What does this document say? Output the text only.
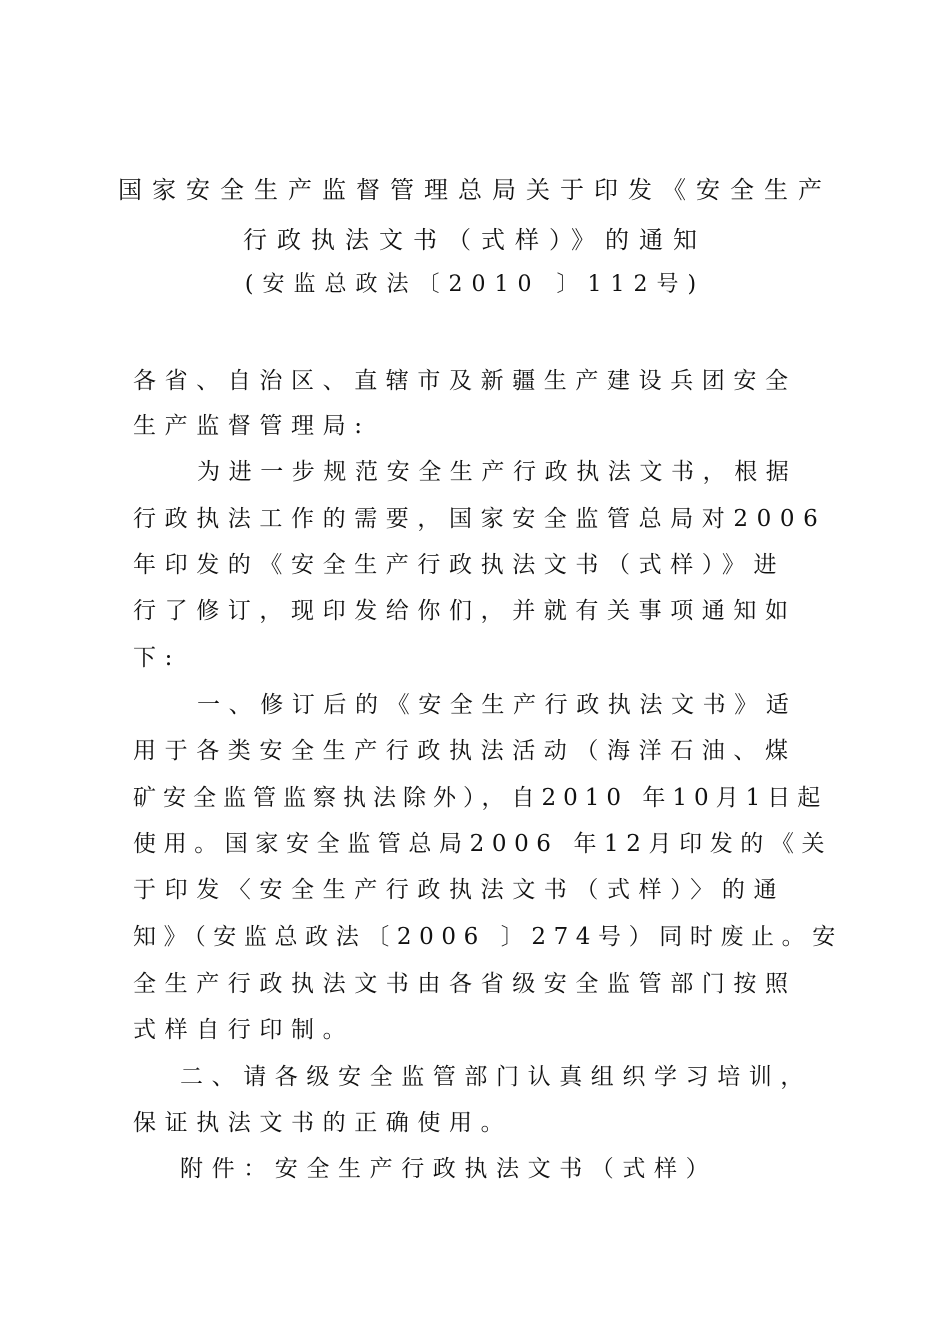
国家安全生产监督管理总局关于印发《安全生产
行政执法文书（式样）》的通知
(安监总政法〔2010 〕112号)
各省、自治区、直辖市及新疆生产建设兵团安全
生产监督管理局:
为进一步规范安全生产行政执法文书，根据
行政执法工作的需要，国家安全监管总局对2006
年印发的《安全生产行政执法文书（式样）》进
行了修订，现印发给你们，并就有关事项通知如
下:
一、修订后的《安全生产行政执法文书》适
用于各类安全生产行政执法活动（海洋石油、煤
矿安全监管监察执法除外），自2010 年10月1日起
使用。国家安全监管总局2006 年12月印发的《关
于印发〈安全生产行政执法文书（式样）〉的通
知》（安监总政法〔2006 〕274号）同时废止。安
全生产行政执法文书由各省级安全监管部门按照
式样自行印制。
二、请各级安全监管部门认真组织学习培训，
保证执法文书的正确使用。
附件：安全生产行政执法文书（式样）
